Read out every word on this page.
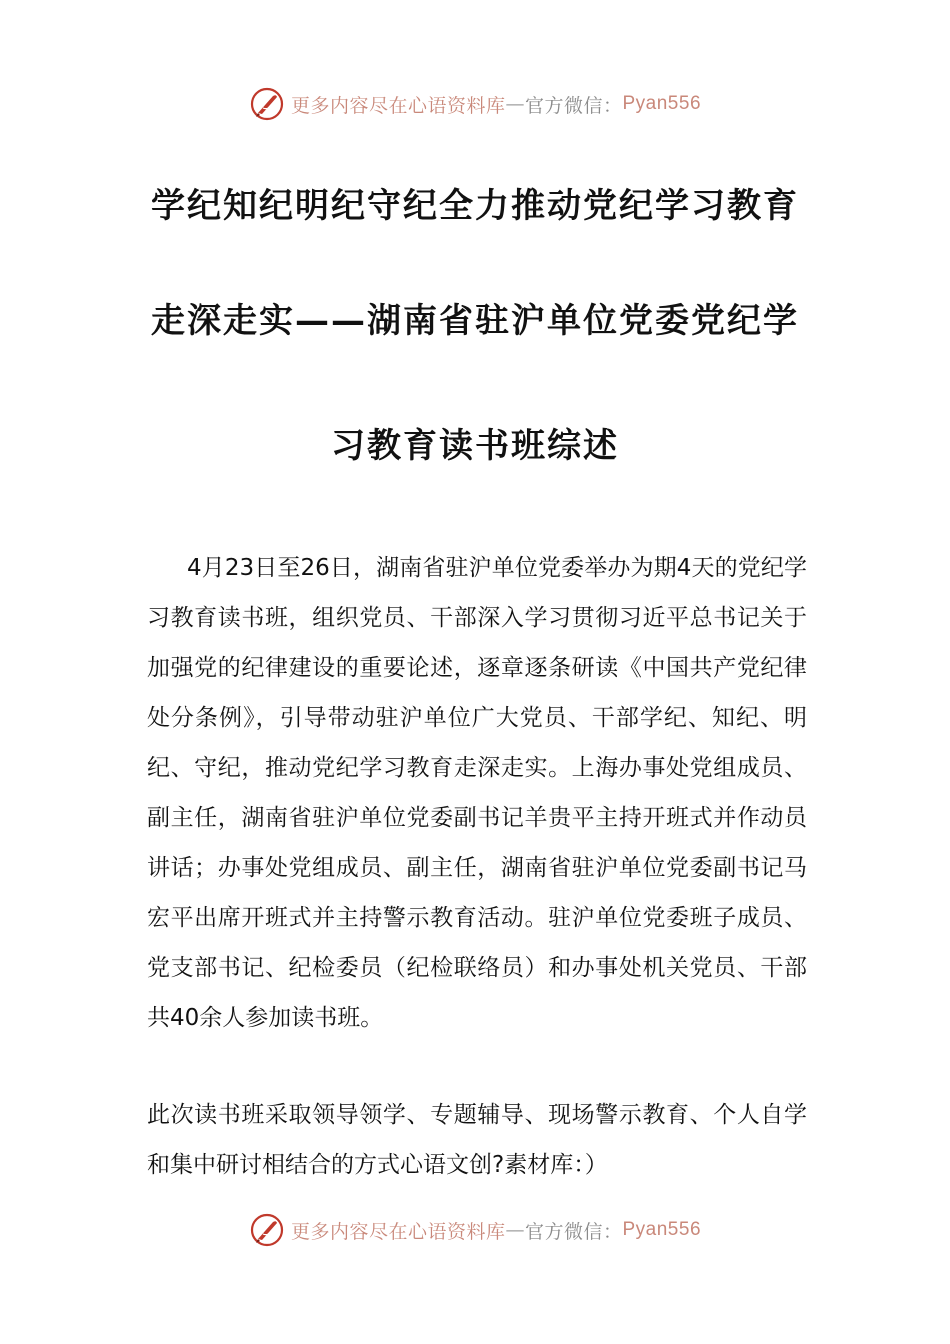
更多内容尽在心语资料库 — 官方微信： Pyan556
学纪知纪明纪守纪全力推动党纪学习教育
走深走实——湖南省驻沪单位党委党纪学
习教育读书班综述
4月23日至26日，湖南省驻沪单位党委举办为期4天的党纪学习教育读书班，组织党员、干部深入学习贯彻习近平总书记关于加强党的纪律建设的重要论述，逐章逐条研读《中国共产党纪律处分条例》，引导带动驻沪单位广大党员、干部学纪、知纪、明纪、守纪，推动党纪学习教育走深走实。上海办事处党组成员、副主任，湖南省驻沪单位党委副书记羊贵平主持开班式并作动员讲话；办事处党组成员、副主任，湖南省驻沪单位党委副书记马宏平出席开班式并主持警示教育活动。驻沪单位党委班子成员、党支部书记、纪检委员（纪检联络员）和办事处机关党员、干部共40余人参加读书班。
此次读书班采取领导领学、专题辅导、现场警示教育、个人自学和集中研讨相结合的方式心语文创?素材库：）
更多内容尽在心语资料库 — 官方微信： Pyan556
